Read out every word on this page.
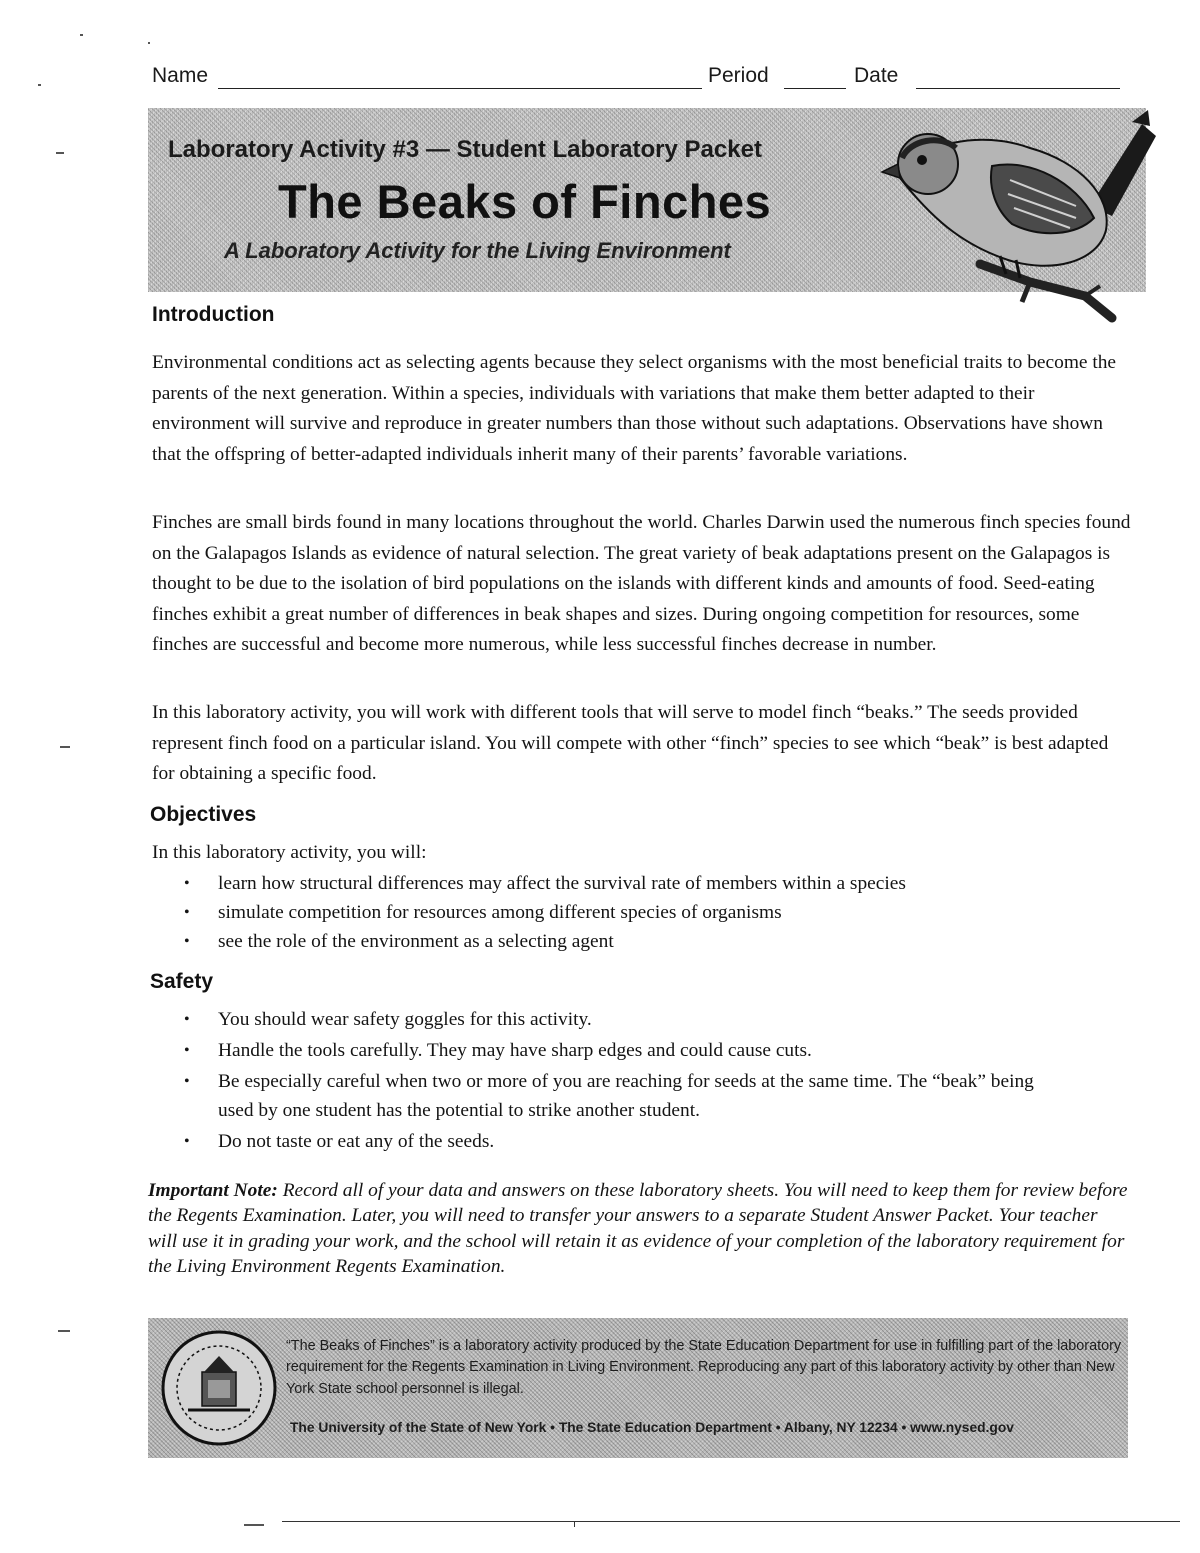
Name	Period	Date
Laboratory Activity #3 — Student Laboratory Packet
The Beaks of Finches
A Laboratory Activity for the Living Environment
Introduction

Environmental conditions act as selecting agents because they select organisms with the most beneficial traits to become the parents of the next generation. Within a species, individuals with variations that make them better adapted to their environment will survive and reproduce in greater numbers than those without such adaptations. Observations have shown that the offspring of better-adapted individuals inherit many of their parents’ favorable variations.

Finches are small birds found in many locations throughout the world. Charles Darwin used the numerous finch species found on the Galapagos Islands as evidence of natural selection. The great variety of beak adaptations present on the Galapagos is thought to be due to the isolation of bird populations on the islands with different kinds and amounts of food. Seed-eating finches exhibit a great number of differences in beak shapes and sizes. During ongoing competition for resources, some finches are successful and become more numerous, while less successful finches decrease in number.

In this laboratory activity, you will work with different tools that will serve to model finch “beaks.” The seeds provided represent finch food on a particular island. You will compete with other “finch” species to see which “beak” is best adapted for obtaining a specific food.

Objectives

In this laboratory activity, you will:

• learn how structural differences may affect the survival rate of members within a species
• simulate competition for resources among different species of organisms
• see the role of the environment as a selecting agent
Safety
• You should wear safety goggles for this activity.
• Handle the tools carefully. They may have sharp edges and could cause cuts.
• Be especially careful when two or more of you are reaching for seeds at the same time. The “beak” being used by one student has the potential to strike another student.
• Do not taste or eat any of the seeds.

Important Note: Record all of your data and answers on these laboratory sheets. You will need to keep them for review before the Regents Examination. Later, you will need to transfer your answers to a separate Student Answer Packet. Your teacher will use it in grading your work, and the school will retain it as evidence of your completion of the laboratory requirement for the Living Environment Regents Examination.

“The Beaks of Finches” is a laboratory activity produced by the State Education Department for use in fulfilling part of the laboratory requirement for the Regents Examination in Living Environment. Reproducing any part of this laboratory activity by other than New York State school personnel is illegal.
The University of the State of New York • The State Education Department • Albany, NY 12234 • www.nysed.gov
